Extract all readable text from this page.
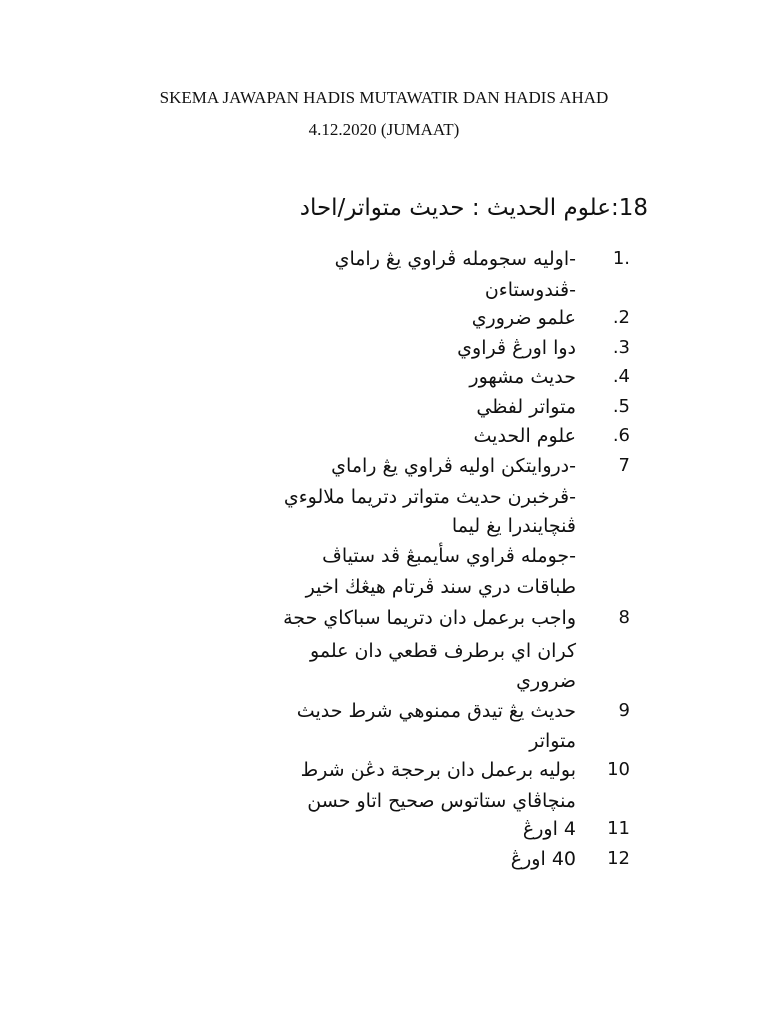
SKEMA JAWAPAN HADIS MUTAWATIR DAN HADIS AHAD
4.12.2020 (JUMAAT)
18:علوم الحديث : حديث متواتر/احاد
1.
-اوليه سجومله ڤراوي يڠ راماي
-ڤندوستاءن
.2
علمو ضروري
.3
دوا اورڠ ڤراوي
.4
حديث مشهور
.5
متواتر لفظي
.6
علوم الحديث
7
-دروايتكن اوليه ڤراوي يڠ راماي
-ڤرخبرن حديث متواتر دتريما ملالوءي
ڤنچايندرا يغ ليما
-جومله ڤراوي سأيمبڠ ڤد ستياڤ
طباقات دري سند ڤرتام هيڠڬ اخير
8
واجب برعمل دان دتريما سباکاي حجة
كران اي برطرف قطعي دان علمو
ضروري
9
حديث يڠ تيدق ممنوهي شرط حديث
متواتر
10
بوليه برعمل دان برحجة دڠن شرط
منچاڤاي ستاتوس صحيح اتاو حسن
11
4 اورڠ
12
40 اورڠ
